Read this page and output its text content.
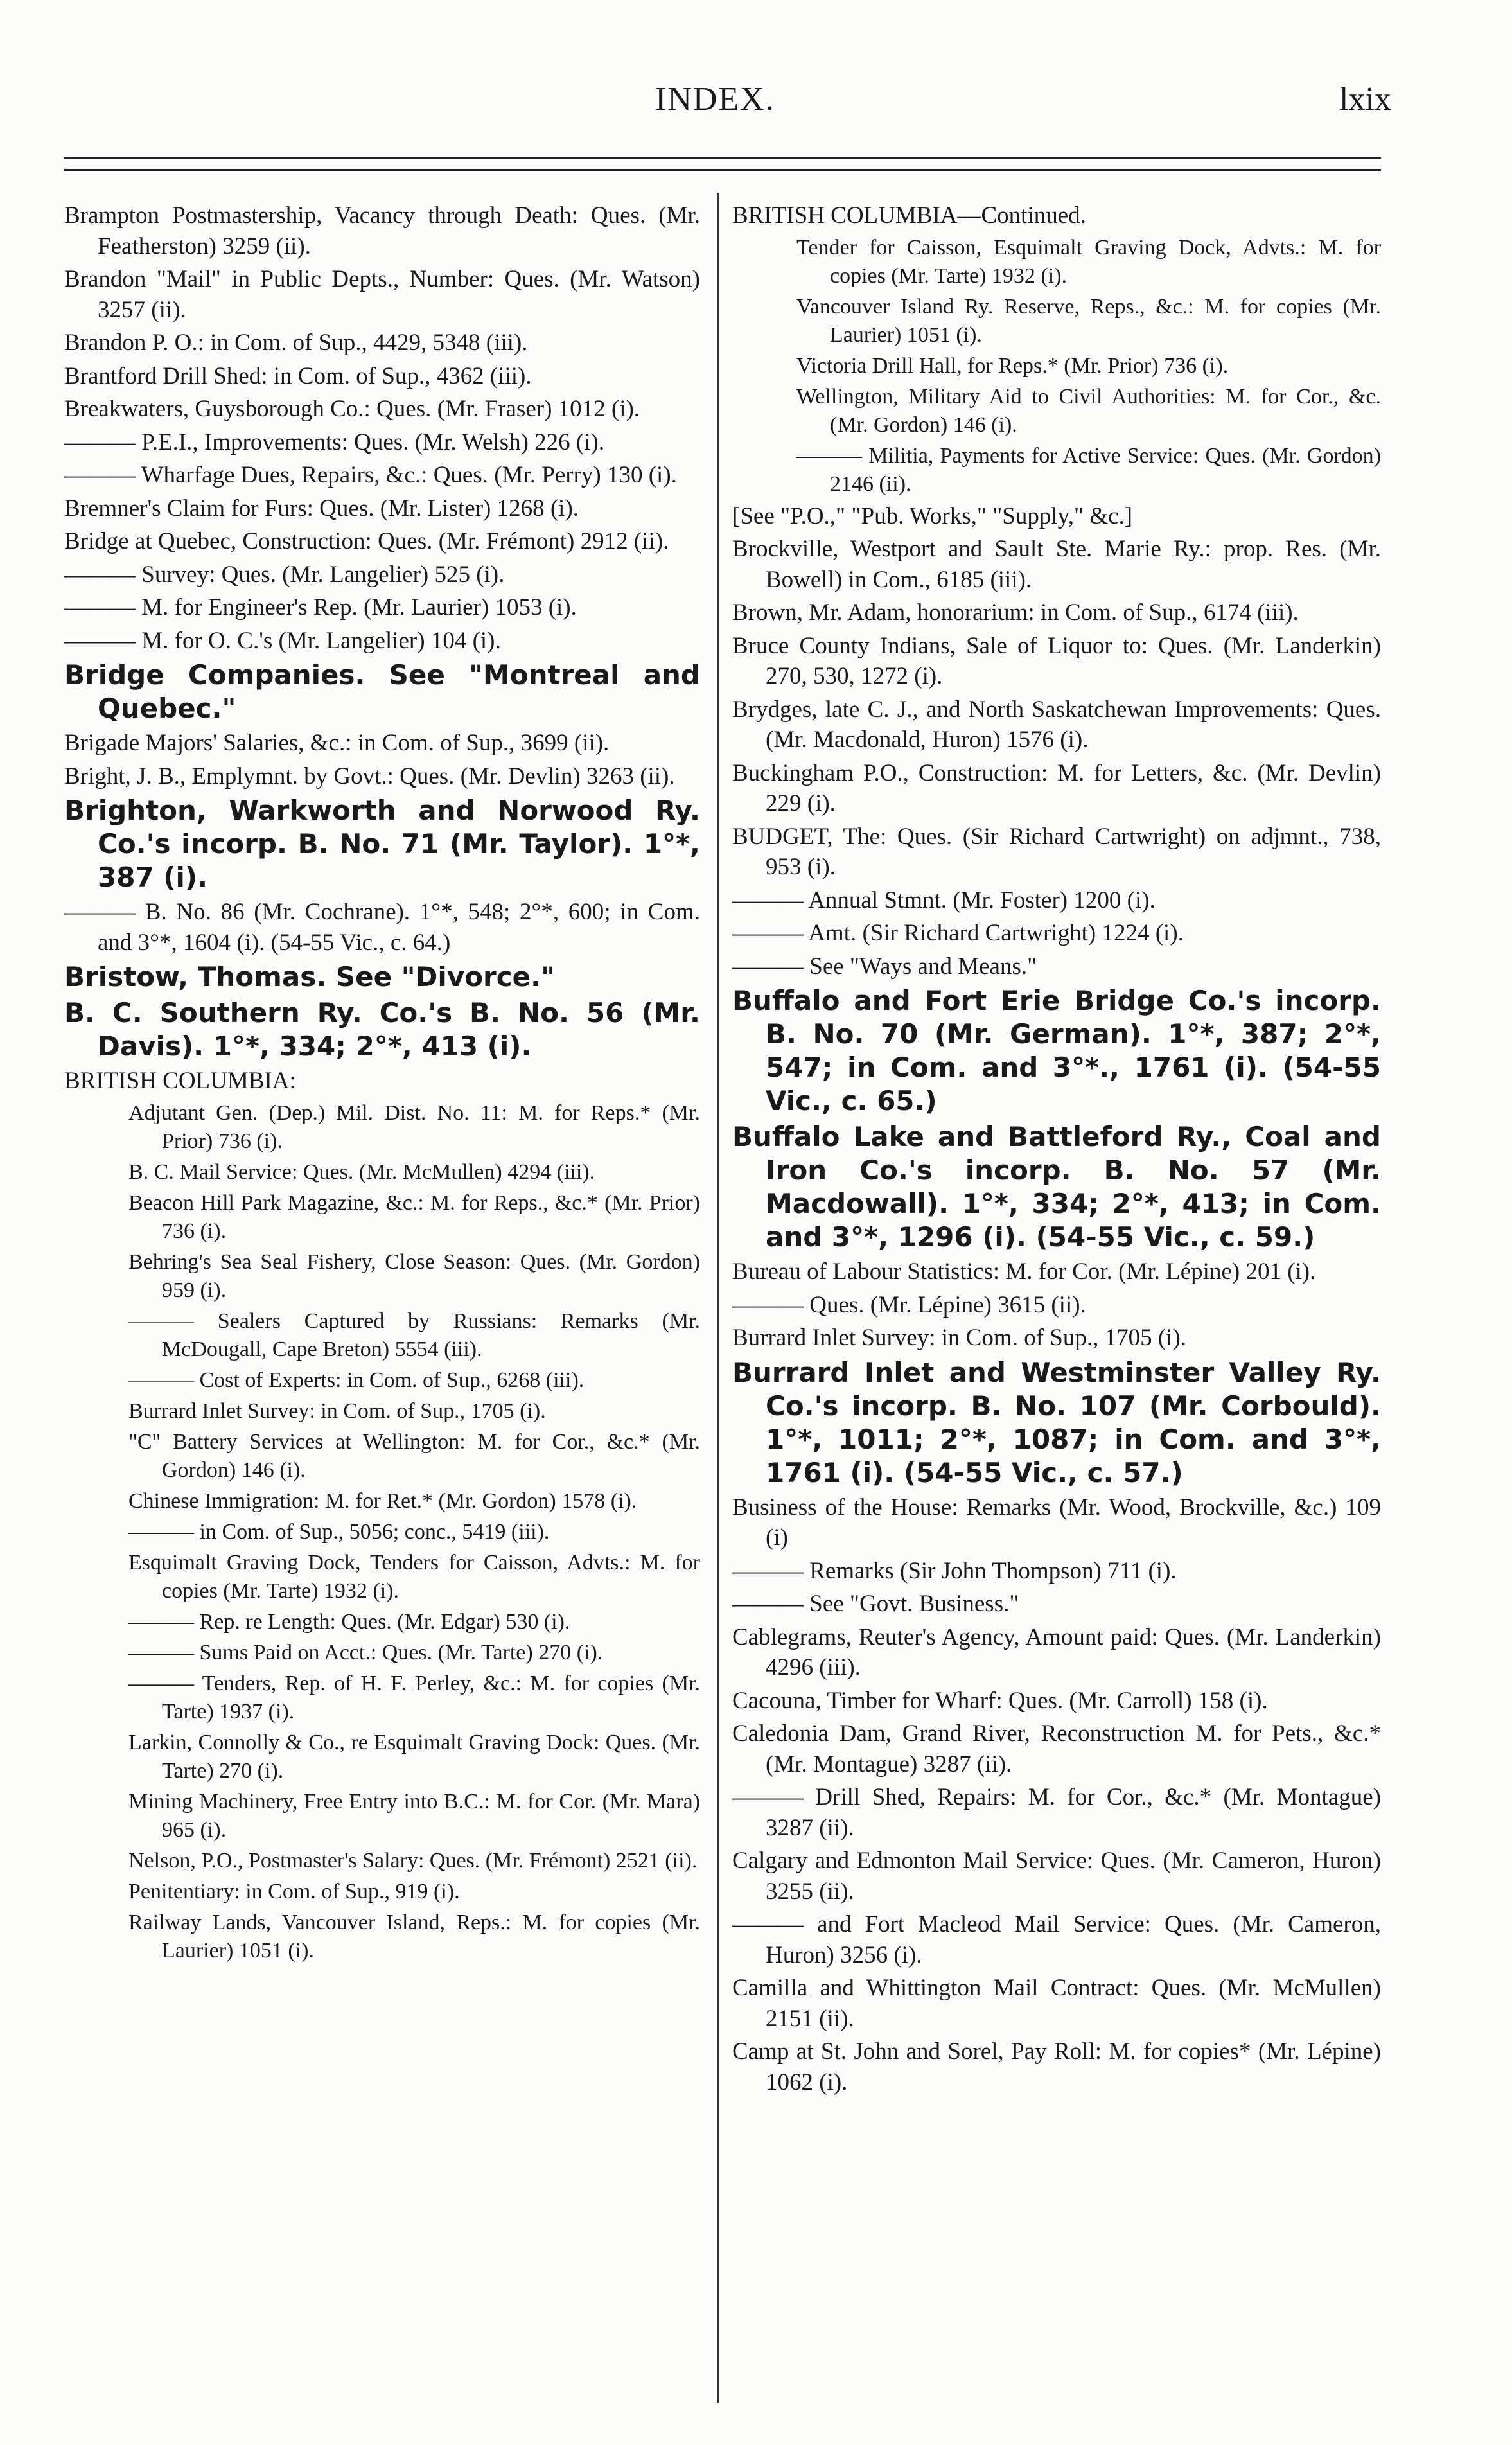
INDEX.	lxix

Brampton Postmastership, Vacancy through Death: Ques. (Mr. Featherston) 3259 (ii).

Brandon "Mail" in Public Depts., Number: Ques. (Mr. Watson) 3257 (ii).

Brandon P. O.: in Com. of Sup., 4429, 5348 (iii).

Brantford Drill Shed: in Com. of Sup., 4362 (iii).

Breakwaters, Guysborough Co.: Ques. (Mr. Fraser) 1012 (i).

——— P.E.I., Improvements: Ques. (Mr. Welsh) 226 (i).

——— Wharfage Dues, Repairs, &c.: Ques. (Mr. Perry) 130 (i).

Bremner's Claim for Furs: Ques. (Mr. Lister) 1268 (i).

Bridge at Quebec, Construction: Ques. (Mr. Frémont) 2912 (ii).

——— Survey: Ques. (Mr. Langelier) 525 (i).

——— M. for Engineer's Rep. (Mr. Laurier) 1053 (i).

——— M. for O. C.'s (Mr. Langelier) 104 (i).

Bridge Companies. See "Montreal and Quebec."

Brigade Majors' Salaries, &c.: in Com. of Sup., 3699 (ii).

Bright, J. B., Emplymnt. by Govt.: Ques. (Mr. Devlin) 3263 (ii).

Brighton, Warkworth and Norwood Ry. Co.'s incorp. B. No. 71 (Mr. Taylor). 1°*, 387 (i).

——— B. No. 86 (Mr. Cochrane). 1°*, 548; 2°*, 600; in Com. and 3°*, 1604 (i). (54-55 Vic., c. 64.)

Bristow, Thomas. See "Divorce."

B. C. Southern Ry. Co.'s B. No. 56 (Mr. Davis). 1°*, 334; 2°*, 413 (i).

BRITISH COLUMBIA:

Adjutant Gen. (Dep.) Mil. Dist. No. 11: M. for Reps.* (Mr. Prior) 736 (i).

B. C. Mail Service: Ques. (Mr. McMullen) 4294 (iii).

Beacon Hill Park Magazine, &c.: M. for Reps., &c.* (Mr. Prior) 736 (i).

Behring's Sea Seal Fishery, Close Season: Ques. (Mr. Gordon) 959 (i).

——— Sealers Captured by Russians: Remarks (Mr. McDougall, Cape Breton) 5554 (iii).

——— Cost of Experts: in Com. of Sup., 6268 (iii).

Burrard Inlet Survey: in Com. of Sup., 1705 (i).

"C" Battery Services at Wellington: M. for Cor., &c.* (Mr. Gordon) 146 (i).

Chinese Immigration: M. for Ret.* (Mr. Gordon) 1578 (i).

——— in Com. of Sup., 5056; conc., 5419 (iii).

Esquimalt Graving Dock, Tenders for Caisson, Advts.: M. for copies (Mr. Tarte) 1932 (i).

——— Rep. re Length: Ques. (Mr. Edgar) 530 (i).

——— Sums Paid on Acct.: Ques. (Mr. Tarte) 270 (i).

——— Tenders, Rep. of H. F. Perley, &c.: M. for copies (Mr. Tarte) 1937 (i).

Larkin, Connolly & Co., re Esquimalt Graving Dock: Ques. (Mr. Tarte) 270 (i).

Mining Machinery, Free Entry into B.C.: M. for Cor. (Mr. Mara) 965 (i).

Nelson, P.O., Postmaster's Salary: Ques. (Mr. Frémont) 2521 (ii).

Penitentiary: in Com. of Sup., 919 (i).

Railway Lands, Vancouver Island, Reps.: M. for copies (Mr. Laurier) 1051 (i).

BRITISH COLUMBIA—Continued.

Tender for Caisson, Esquimalt Graving Dock, Advts.: M. for copies (Mr. Tarte) 1932 (i).

Vancouver Island Ry. Reserve, Reps., &c.: M. for copies (Mr. Laurier) 1051 (i).

Victoria Drill Hall, for Reps.* (Mr. Prior) 736 (i).

Wellington, Military Aid to Civil Authorities: M. for Cor., &c. (Mr. Gordon) 146 (i).

——— Militia, Payments for Active Service: Ques. (Mr. Gordon) 2146 (ii).

[See "P.O.," "Pub. Works," "Supply," &c.]

Brockville, Westport and Sault Ste. Marie Ry.: prop. Res. (Mr. Bowell) in Com., 6185 (iii).

Brown, Mr. Adam, honorarium: in Com. of Sup., 6174 (iii).

Bruce County Indians, Sale of Liquor to: Ques. (Mr. Landerkin) 270, 530, 1272 (i).

Brydges, late C. J., and North Saskatchewan Improvements: Ques. (Mr. Macdonald, Huron) 1576 (i).

Buckingham P.O., Construction: M. for Letters, &c. (Mr. Devlin) 229 (i).

BUDGET, The: Ques. (Sir Richard Cartwright) on adjmnt., 738, 953 (i).

——— Annual Stmnt. (Mr. Foster) 1200 (i).

——— Amt. (Sir Richard Cartwright) 1224 (i).

——— See "Ways and Means."

Buffalo and Fort Erie Bridge Co.'s incorp. B. No. 70 (Mr. German). 1°*, 387; 2°*, 547; in Com. and 3°*., 1761 (i). (54-55 Vic., c. 65.)

Buffalo Lake and Battleford Ry., Coal and Iron Co.'s incorp. B. No. 57 (Mr. Macdowall). 1°*, 334; 2°*, 413; in Com. and 3°*, 1296 (i). (54-55 Vic., c. 59.)

Bureau of Labour Statistics: M. for Cor. (Mr. Lépine) 201 (i).

——— Ques. (Mr. Lépine) 3615 (ii).

Burrard Inlet Survey: in Com. of Sup., 1705 (i).

Burrard Inlet and Westminster Valley Ry. Co.'s incorp. B. No. 107 (Mr. Corbould). 1°*, 1011; 2°*, 1087; in Com. and 3°*, 1761 (i). (54-55 Vic., c. 57.)

Business of the House: Remarks (Mr. Wood, Brockville, &c.) 109 (i)

——— Remarks (Sir John Thompson) 711 (i).

——— See "Govt. Business."

Cablegrams, Reuter's Agency, Amount paid: Ques. (Mr. Landerkin) 4296 (iii).

Cacouna, Timber for Wharf: Ques. (Mr. Carroll) 158 (i).

Caledonia Dam, Grand River, Reconstruction M. for Pets., &c.* (Mr. Montague) 3287 (ii).

——— Drill Shed, Repairs: M. for Cor., &c.* (Mr. Montague) 3287 (ii).

Calgary and Edmonton Mail Service: Ques. (Mr. Cameron, Huron) 3255 (ii).

——— and Fort Macleod Mail Service: Ques. (Mr. Cameron, Huron) 3256 (i).

Camilla and Whittington Mail Contract: Ques. (Mr. McMullen) 2151 (ii).

Camp at St. John and Sorel, Pay Roll: M. for copies* (Mr. Lépine) 1062 (i).
